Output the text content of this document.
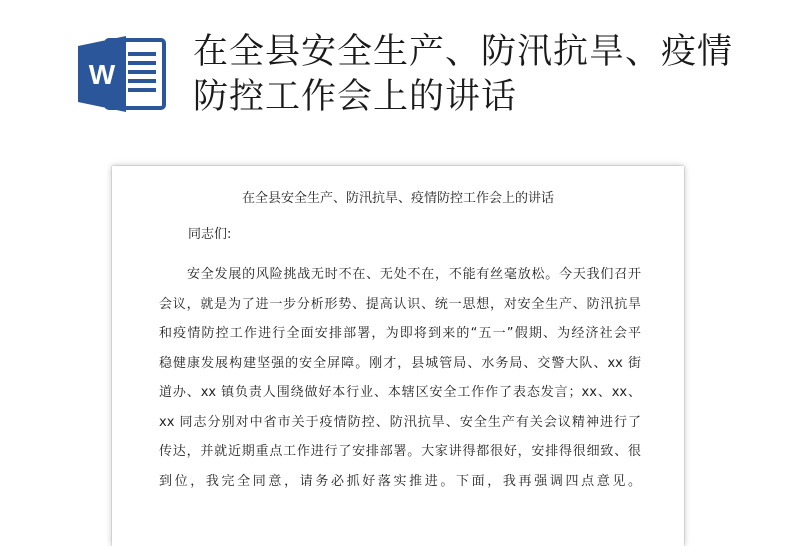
W
在全县安全生产、防汛抗旱、疫情防控工作会上的讲话
在全县安全生产、防汛抗旱、疫情防控工作会上的讲话
同志们:
安全发展的风险挑战无时不在、无处不在，不能有丝毫放松。今天我们召开
会议，就是为了进一步分析形势、提高认识、统一思想，对安全生产、防汛抗旱
和疫情防控工作进行全面安排部署，为即将到来的“五一”假期、为经济社会平
稳健康发展构建坚强的安全屏障。刚才，县城管局、水务局、交警大队、xx 街
道办、xx 镇负责人围绕做好本行业、本辖区安全工作作了表态发言；xx、xx、
xx 同志分别对中省市关于疫情防控、防汛抗旱、安全生产有关会议精神进行了
传达，并就近期重点工作进行了安排部署。大家讲得都很好，安排得很细致、很
到位，我完全同意，请务必抓好落实推进。下面，我再强调四点意见。
